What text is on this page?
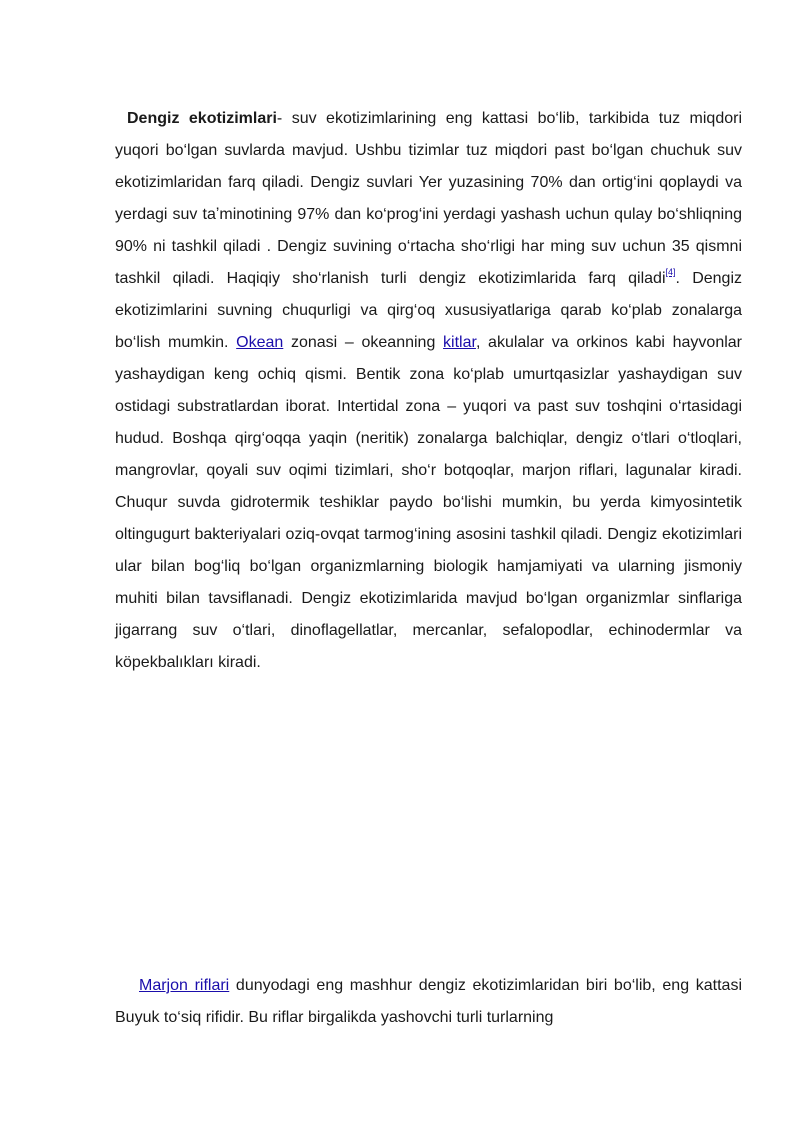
Dengiz ekotizimlari- suv ekotizimlarining eng kattasi bo‘lib, tarkibida tuz miqdori yuqori bo‘lgan suvlarda mavjud. Ushbu tizimlar tuz miqdori past bo‘lgan chuchuk suv ekotizimlaridan farq qiladi. Dengiz suvlari Yer yuzasining 70% dan ortig‘ini qoplaydi va yerdagi suv taʼminotining 97% dan ko‘prog‘ini yerdagi yashash uchun qulay bo‘shliqning 90% ni tashkil qiladi . Dengiz suvining o‘rtacha sho‘rligi har ming suv uchun 35 qismni tashkil qiladi. Haqiqiy sho‘rlanish turli dengiz ekotizimlarida farq qiladi[4]. Dengiz ekotizimlarini suvning chuqurligi va qirg‘oq xususiyatlariga qarab ko‘plab zonalarga bo‘lish mumkin. Okean zonasi – okeanning kitlar, akulalar va orkinos kabi hayvonlar yashaydigan keng ochiq qismi. Bentik zona ko‘plab umurtqasizlar yashaydigan suv ostidagi substratlardan iborat. Intertidal zona – yuqori va past suv toshqini o‘rtasidagi hudud. Boshqa qirg‘oqqa yaqin (neritik) zonalarga balchiqlar, dengiz o‘tlari o‘tloqlari, mangrovlar, qoyali suv oqimi tizimlari, sho‘r botqoqlar, marjon riflari, lagunalar kiradi. Chuqur suvda gidrotermik teshiklar paydo bo‘lishi mumkin, bu yerda kimyosintetik oltingugurt bakteriyalari oziq-ovqat tarmog‘ining asosini tashkil qiladi. Dengiz ekotizimlari ular bilan bog‘liq bo‘lgan organizmlarning biologik hamjamiyati va ularning jismoniy muhiti bilan tavsiflanadi. Dengiz ekotizimlarida mavjud bo‘lgan organizmlar sinflariga jigarrang suv o‘tlari, dinoflagellatlar, mercanlar, sefalopodlar, echinodermlar va köpekbalıkları kiradi.

Marjon riflari dunyodagi eng mashhur dengiz ekotizimlaridan biri bo‘lib, eng kattasi Buyuk to‘siq rifidir. Bu riflar birgalikda yashovchi turli turlarning
